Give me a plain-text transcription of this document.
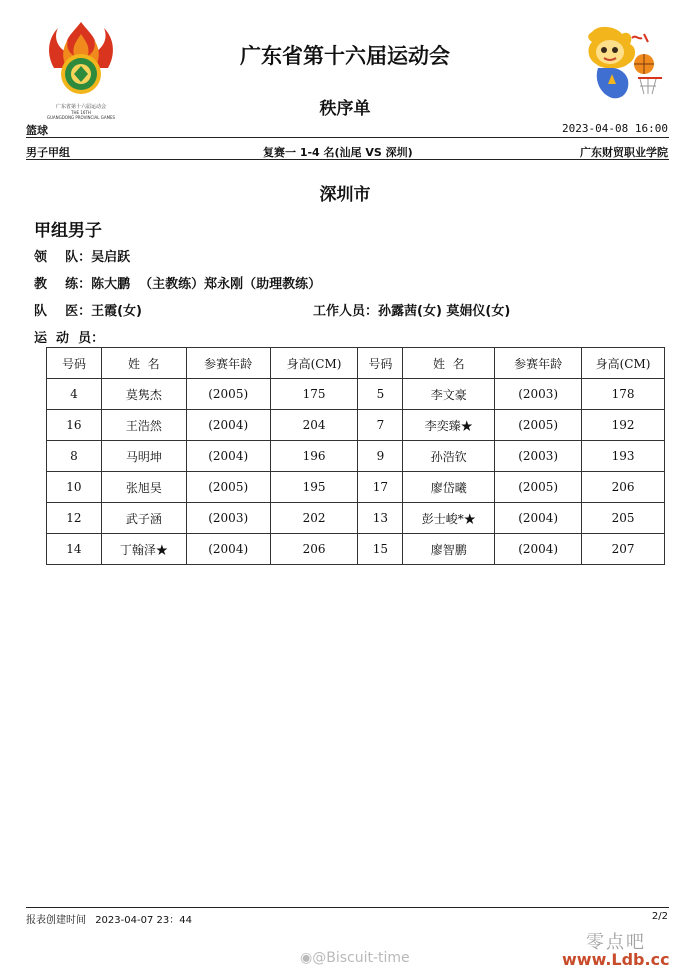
广东省第十六届运动会
THE 16TH
GUANGDONG PROVINCIAL GAMES
广东省第十六届运动会
秩序单
篮球	2023-04-08 16:00
男子甲组	复赛一 1-4 名(汕尾 VS 深圳)	广东财贸职业学院
深圳市
甲组男子
领    队：吴启跃
教    练：陈大鹏  （主教练）郑永刚（助理教练）
队    医：王霞(女)	工作人员：孙露茜(女) 莫娟仪(女)
运  动  员：
号码	姓  名	参赛年龄	身高(CM)	号码	姓  名	参赛年龄	身高(CM)
4	莫隽杰	(2005)	175	5	李文豪	(2003)	178
16	王浩然	(2004)	204	7	李奕臻★	(2005)	192
8	马明坤	(2004)	196	9	孙浩钦	(2003)	193
10	张旭昊	(2005)	195	17	廖岱曦	(2005)	206
12	武子涵	(2003)	202	13	彭士峻*★	(2004)	205
14	丁翰泽★	(2004)	206	15	廖智鹏	(2004)	207
报表创建时间 2023-04-07 23：44	2/2
◉@Biscuit-time
零点吧
www.Ldb.cc
